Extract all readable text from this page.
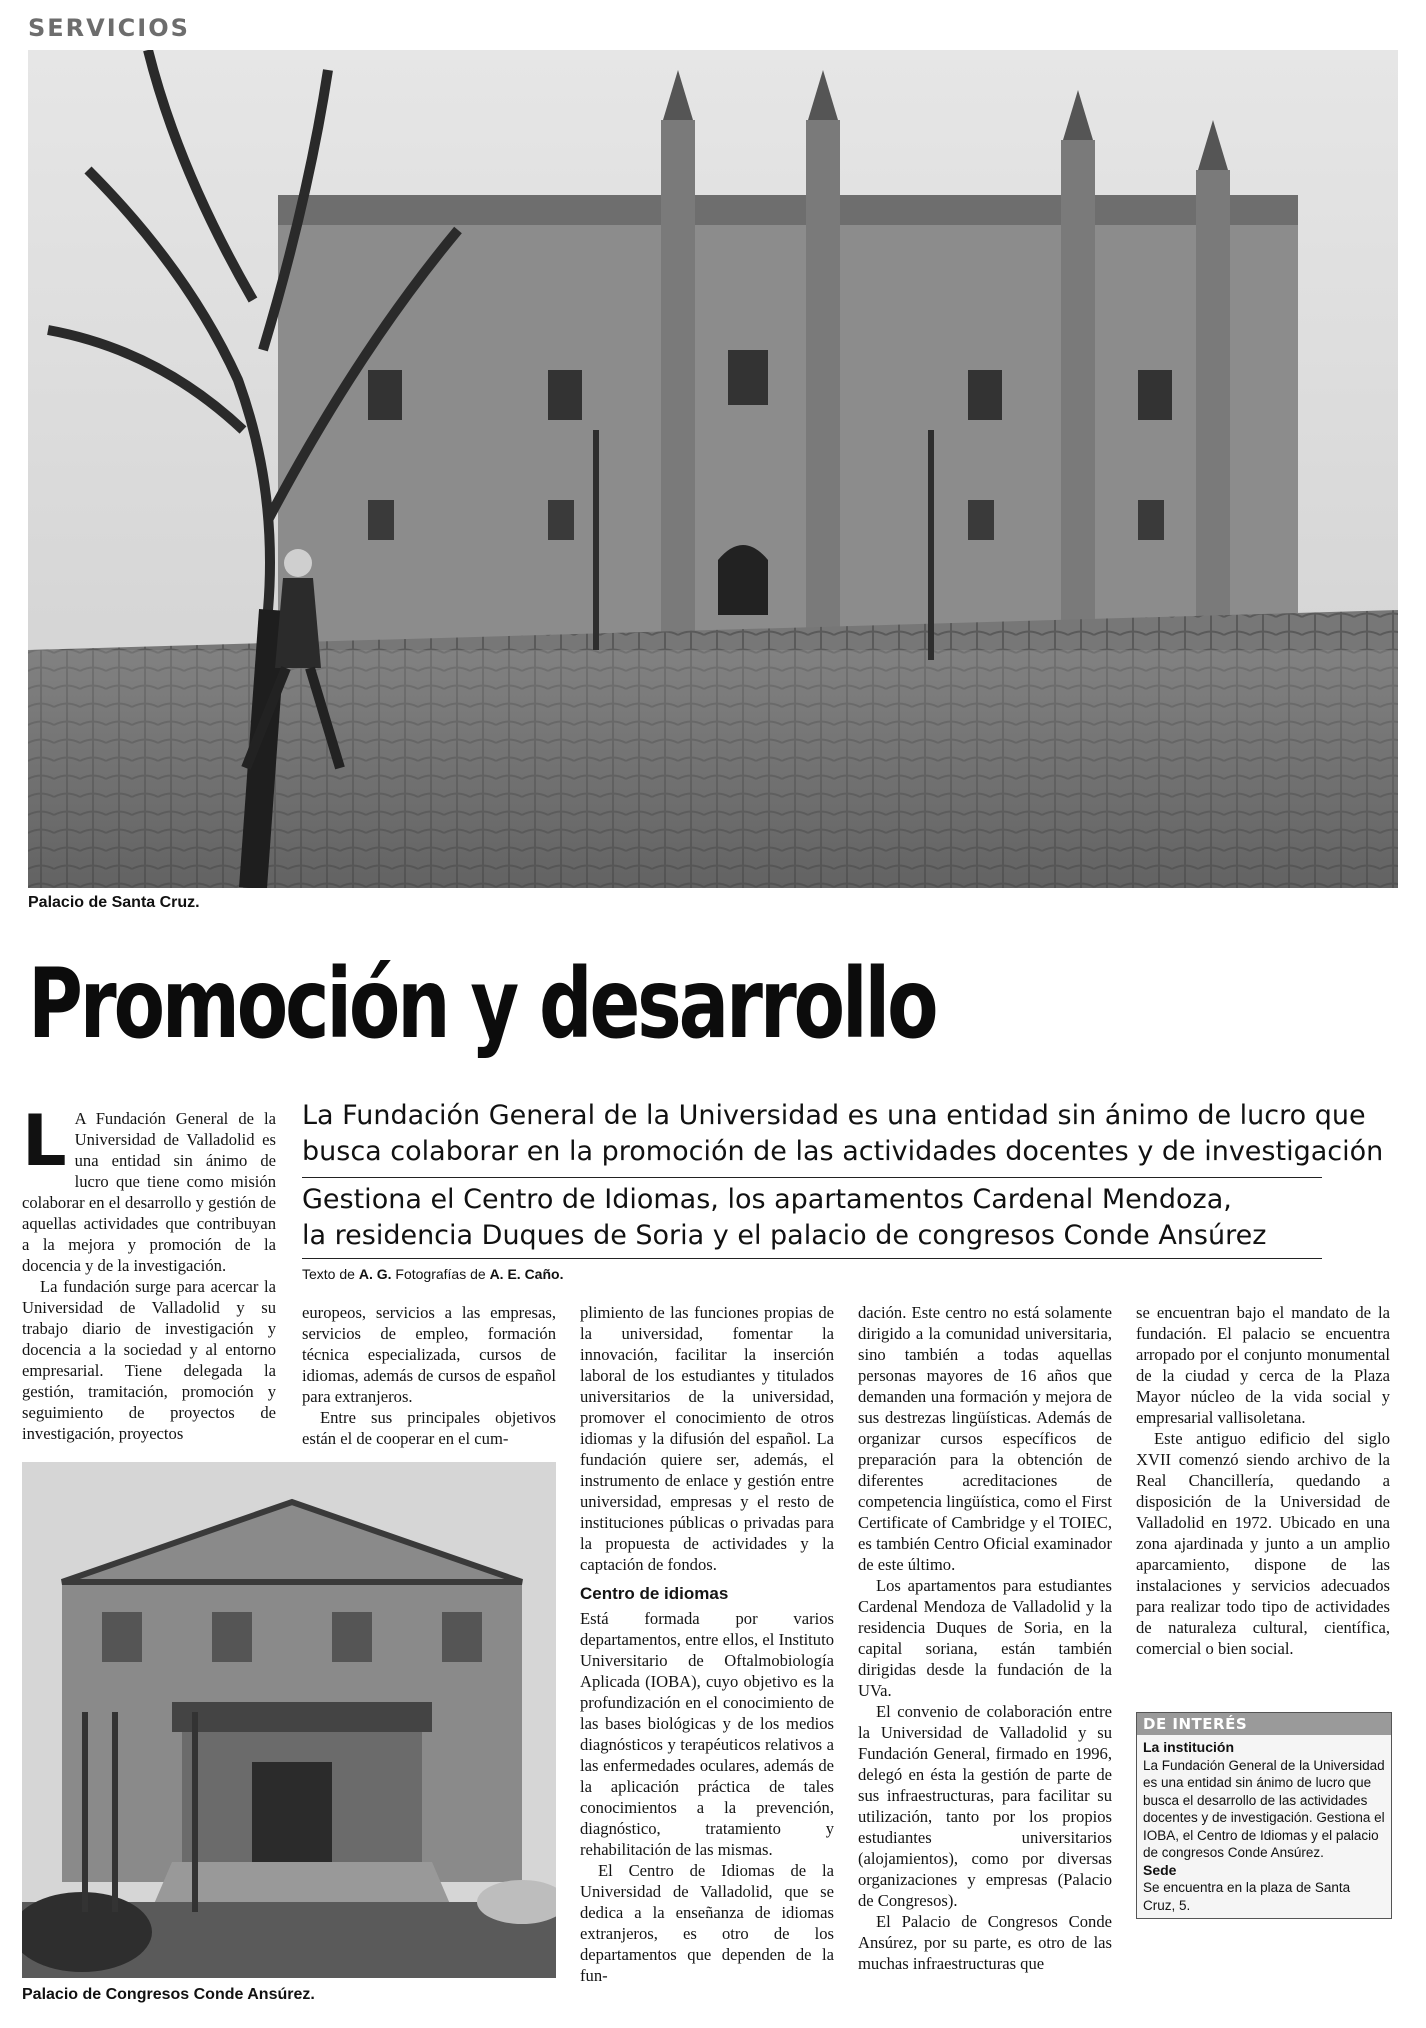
SERVICIOS
Palacio de Santa Cruz.
Promoción y desarrollo
La Fundación General de la Universidad es una entidad sin ánimo de lucro que
busca colaborar en la promoción de las actividades docentes y de investigación
Gestiona el Centro de Idiomas, los apartamentos Cardenal Mendoza,
la residencia Duques de Soria y el palacio de congresos Conde Ansúrez
Texto de A. G. Fotografías de A. E. Caño.

L A Fundación General de la Universidad de Valladolid es una entidad sin ánimo de lucro que tiene como misión colaborar en el desarrollo y gestión de aquellas actividades que contribuyan a la mejora y promoción de la docencia y de la investigación.

La fundación surge para acercar la Universidad de Valladolid y su trabajo diario de investigación y docencia a la sociedad y al entorno empresarial. Tiene delegada la gestión, tramitación, promoción y seguimiento de proyectos de investigación, proyectos

europeos, servicios a las empresas, servicios de empleo, formación técnica especializada, cursos de idiomas, además de cursos de español para extranjeros.

Entre sus principales objetivos están el de cooperar en el cum-

Palacio de Congresos Conde Ansúrez.

plimiento de las funciones propias de la universidad, fomentar la innovación, facilitar la inserción laboral de los estudiantes y titulados universitarios de la universidad, promover el conocimiento de otros idiomas y la difusión del español. La fundación quiere ser, además, el instrumento de enlace y gestión entre universidad, empresas y el resto de instituciones públicas o privadas para la propuesta de actividades y la captación de fondos.

Centro de idiomas

Está formada por varios departamentos, entre ellos, el Instituto Universitario de Oftalmobiología Aplicada (IOBA), cuyo objetivo es la profundización en el conocimiento de las bases biológicas y de los medios diagnósticos y terapéuticos relativos a las enfermedades oculares, además de la aplicación práctica de tales conocimientos a la prevención, diagnóstico, tratamiento y rehabilitación de las mismas.

El Centro de Idiomas de la Universidad de Valladolid, que se dedica a la enseñanza de idiomas extranjeros, es otro de los departamentos que dependen de la fun-

dación. Este centro no está solamente dirigido a la comunidad universitaria, sino también a todas aquellas personas mayores de 16 años que demanden una formación y mejora de sus destrezas lingüísticas. Además de organizar cursos específicos de preparación para la obtención de diferentes acreditaciones de competencia lingüística, como el First Certificate of Cambridge y el TOIEC, es también Centro Oficial examinador de este último.

Los apartamentos para estudiantes Cardenal Mendoza de Valladolid y la residencia Duques de Soria, en la capital soriana, están también dirigidas desde la fundación de la UVa.

El convenio de colaboración entre la Universidad de Valladolid y su Fundación General, firmado en 1996, delegó en ésta la gestión de parte de sus infraestructuras, para facilitar su utilización, tanto por los propios estudiantes universitarios (alojamientos), como por diversas organizaciones y empresas (Palacio de Congresos).

El Palacio de Congresos Conde Ansúrez, por su parte, es otro de las muchas infraestructuras que

se encuentran bajo el mandato de la fundación. El palacio se encuentra arropado por el conjunto monumental de la ciudad y cerca de la Plaza Mayor núcleo de la vida social y empresarial vallisoletana.

Este antiguo edificio del siglo XVII comenzó siendo archivo de la Real Chancillería, quedando a disposición de la Universidad de Valladolid en 1972. Ubicado en una zona ajardinada y junto a un amplio aparcamiento, dispone de las instalaciones y servicios adecuados para realizar todo tipo de actividades de naturaleza cultural, científica, comercial o bien social.

DE INTERÉS
La institución
La Fundación General de la Universidad es una entidad sin ánimo de lucro que busca el desarrollo de las actividades docentes y de investigación. Gestiona el IOBA, el Centro de Idiomas y el palacio de congresos Conde Ansúrez.
Sede
Se encuentra en la plaza de Santa Cruz, 5.
